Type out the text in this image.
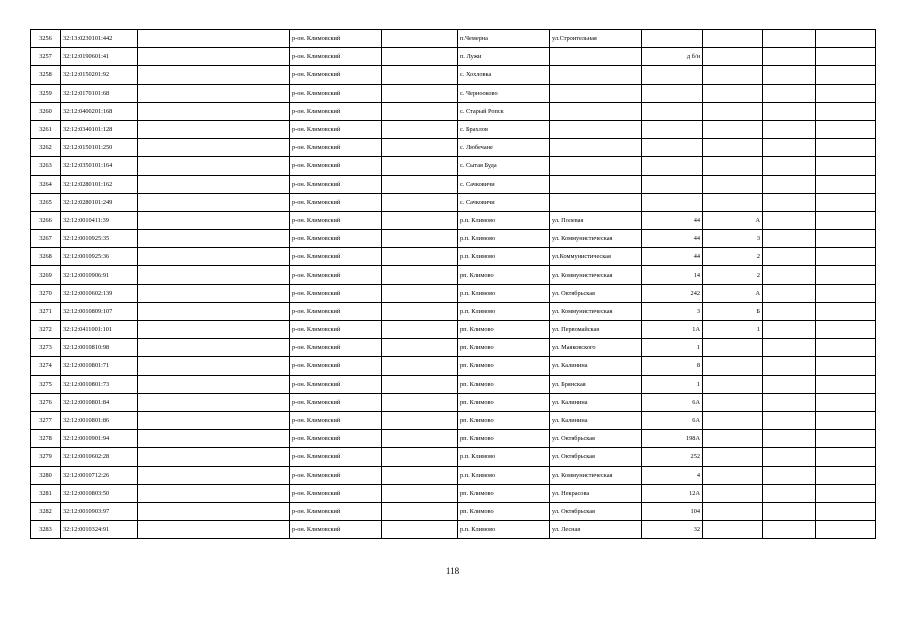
3256	32:13:0230101:442		р-он. Климовский		п.Чемерна	ул.Строительная				
3257	32:12:0190601:41		р-он. Климовский		п. Лужи		д б/н			
3258	32:12:0150201:92		р-он. Климовский		с. Хохловка					
3259	32:12:0170101:68		р-он. Климовский		с. Чернооково					
3260	32:12:0400201:168		р-он. Климовский		с. Старый Ропск					
3261	32:12:0340101:128		р-он. Климовский		с. Брахлов					
3262	32:12:0150101:250		р-он. Климовский		с. Любечане					
3263	32:12:0350101:164		р-он. Климовский		с. Сытая Буда					
3264	32:12:0280101:162		р-он. Климовский		с. Сачковичи					
3265	32:12:0280101:249		р-он. Климовский		с. Сачковичи					
3266	32:12:0010411:39		р-он. Климовский		р.п. Климово	ул. Полевая	44	А		
3267	32:12:0010925:35		р-он. Климовский		р.п. Климово	ул. Коммунистическая	44	3		
3268	32:12:0010925:36		р-он. Климовский		р.п. Климово	ул.Коммунистическая	44	2		
3269	32:12:0010906:91		р-он. Климовский		рп. Климово	ул. Коммунистическая	14	2		
3270	32:12:0010602:139		р-он. Климовский		р.п. Климово	ул. Октябрьская	242	А		
3271	32:12:0010809:107		р-он. Климовский		р.п. Климово	ул. Коммунистическая	3	Б		
3272	32:12:0411001:101		р-он. Климовский		рп. Климово	ул. Первомайская	1А	1		
3273	32:12:0010810:98		р-он. Климовский		рп. Климово	ул. Маяковского	1			
3274	32:12:0010801:71		р-он. Климовский		рп. Климово	ул. Калинина	8			
3275	32:12:0010801:73		р-он. Климовский		рп. Климово	ул. Брянская	1			
3276	32:12:0010801:84		р-он. Климовский		рп. Климово	ул. Калинина	6А			
3277	32:12:0010801:86		р-он. Климовский		рп. Климово	ул. Калинина	6А			
3278	32:12:0010901:94		р-он. Климовский		рп. Климово	ул. Октябрьская	198А			
3279	32:12:0010602:28		р-он. Климовский		р.п. Климово	ул. Октябрьская	252			
3280	32:12:0010712:26		р-он. Климовский		р.п. Климово	ул. Коммунистическая	4			
3281	32:12:0010803:50		р-он. Климовский		рп. Климово	ул. Некрасова	12А			
3282	32:12:0010903:97		р-он. Климовский		рп. Климово	ул. Октябрьская	104			
3283	32:12:0010324:91		р-он. Климовский		р.п. Климово	ул. Лесная	32			
118
